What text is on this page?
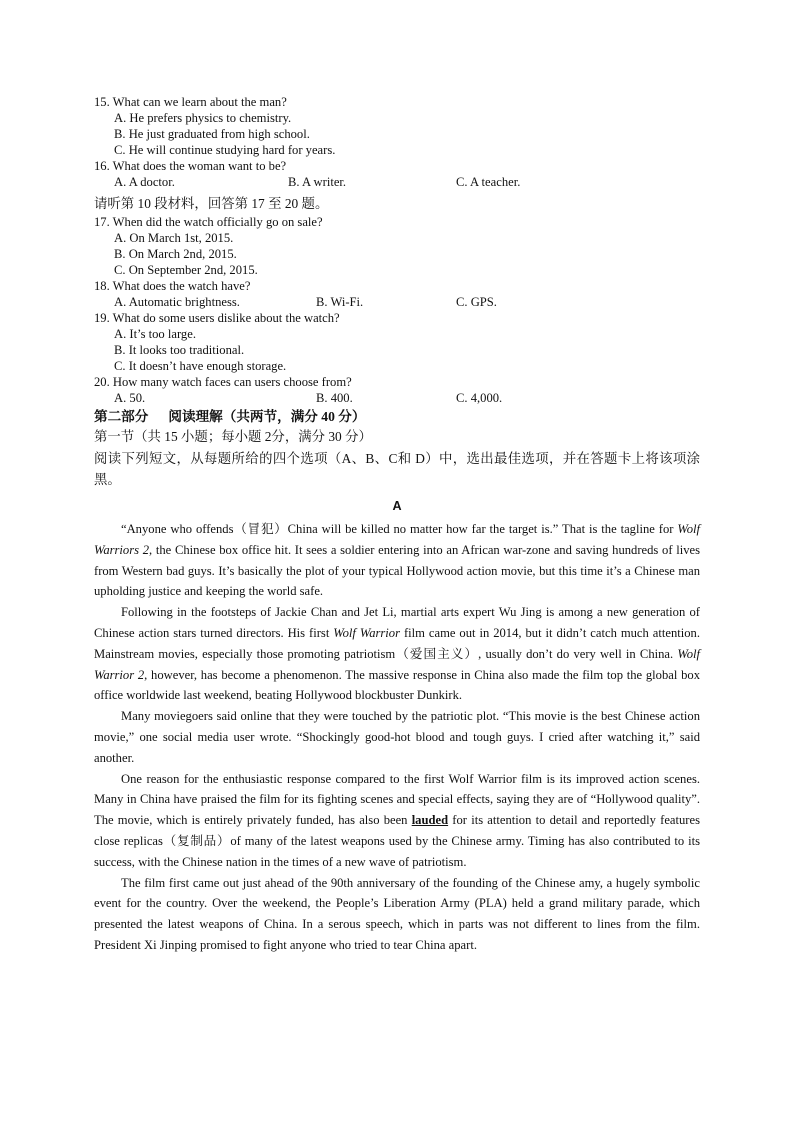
15. What can we learn about the man?

A. He prefers physics to chemistry.

B. He just graduated from high school.

C. He will continue studying hard for years.

16. What does the woman want to be?

A. A doctor.	B. A writer.	C. A teacher.

请听第 10 段材料，回答第 17 至 20 题。

17. When did the watch officially go on sale?

A. On March 1st, 2015.

B. On March 2nd, 2015.

C. On September 2nd, 2015.

18. What does the watch have?

A. Automatic brightness.	B. Wi-Fi.	C. GPS.

19. What do some users dislike about the watch?

A. It’s too large.

B. It looks too traditional.

C. It doesn’t have enough storage.

20. How many watch faces can users choose from?

A. 50.	B. 400.	C. 4,000.

第二部分 阅读理解（共两节，满分 40 分）

第一节（共 15 小题；每小题 2分，满分 30 分）

阅读下列短文，从每题所给的四个选项（A、B、C和 D）中，选出最佳选项，并在答题卡上将该项涂黑。

A

“Anyone who offends（冒犯）China will be killed no matter how far the target is.” That is the tagline for Wolf Warriors 2, the Chinese box office hit. It sees a soldier entering into an African war-zone and saving hundreds of lives from Western bad guys. It’s basically the plot of your typical Hollywood action movie, but this time it’s a Chinese man upholding justice and keeping the world safe.

Following in the footsteps of Jackie Chan and Jet Li, martial arts expert Wu Jing is among a new generation of Chinese action stars turned directors. His first Wolf Warrior film came out in 2014, but it didn’t catch much attention. Mainstream movies, especially those promoting patriotism（爱国主义）, usually don’t do very well in China. Wolf Warrior 2, however, has become a phenomenon. The massive response in China also made the film top the global box office worldwide last weekend, beating Hollywood blockbuster Dunkirk.

Many moviegoers said online that they were touched by the patriotic plot. “This movie is the best Chinese action movie,” one social media user wrote. “Shockingly good-hot blood and tough guys. I cried after watching it,” said another.

One reason for the enthusiastic response compared to the first Wolf Warrior film is its improved action scenes. Many in China have praised the film for its fighting scenes and special effects, saying they are of “Hollywood quality”. The movie, which is entirely privately funded, has also been lauded for its attention to detail and reportedly features close replicas（复制品）of many of the latest weapons used by the Chinese army. Timing has also contributed to its success, with the Chinese nation in the times of a new wave of patriotism.

The film first came out just ahead of the 90th anniversary of the founding of the Chinese amy, a hugely symbolic event for the country. Over the weekend, the People’s Liberation Army (PLA) held a grand military parade, which presented the latest weapons of China. In a serous speech, which in parts was not different to lines from the film. President Xi Jinping promised to fight anyone who tried to tear China apart.
